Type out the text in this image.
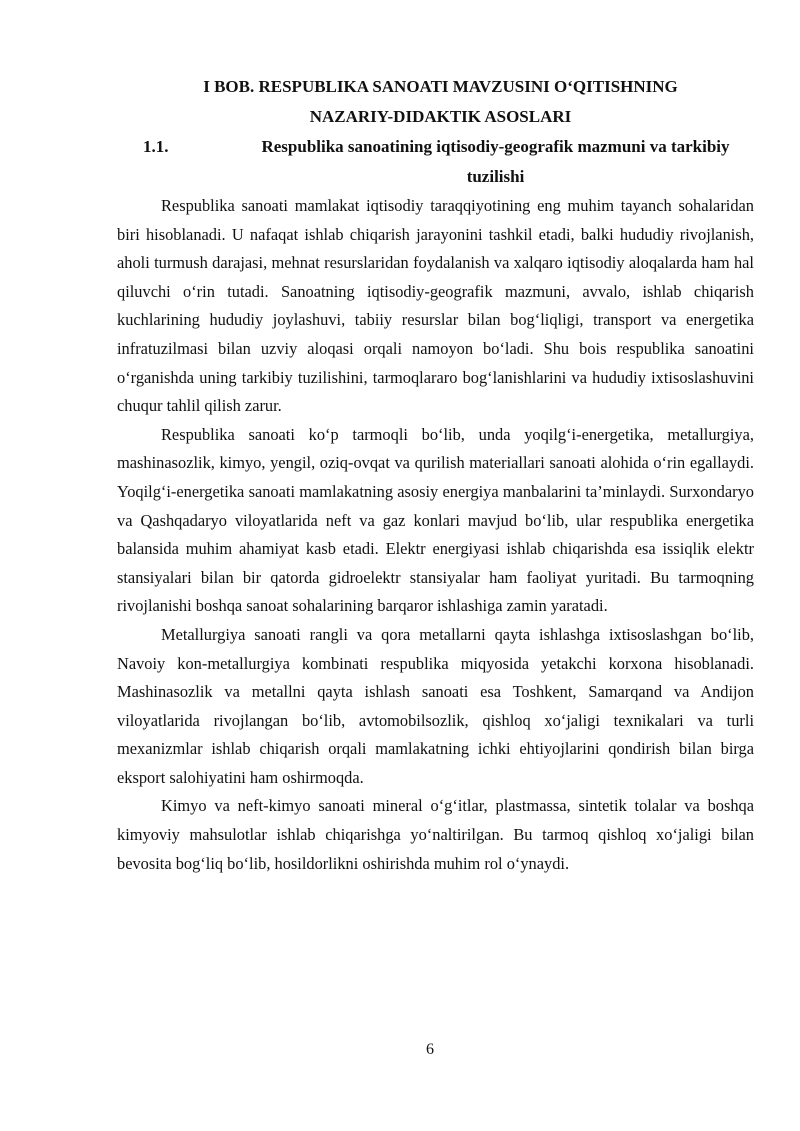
I BOB. RESPUBLIKA SANOATI MAVZUSINI O‘QITISHNING

NAZARIY-DIDAKTIK ASOSLARI

1.1.	Respublika sanoatining iqtisodiy-geografik mazmuni va tarkibiy tuzilishi

Respublika sanoati mamlakat iqtisodiy taraqqiyotining eng muhim tayanch sohalaridan biri hisoblanadi. U nafaqat ishlab chiqarish jarayonini tashkil etadi, balki hududiy rivojlanish, aholi turmush darajasi, mehnat resurslaridan foydalanish va xalqaro iqtisodiy aloqalarda ham hal qiluvchi o‘rin tutadi. Sanoatning iqtisodiy-geografik mazmuni, avvalo, ishlab chiqarish kuchlarining hududiy joylashuvi, tabiiy resurslar bilan bog‘liqligi, transport va energetika infratuzilmasi bilan uzviy aloqasi orqali namoyon bo‘ladi. Shu bois respublika sanoatini o‘rganishda uning tarkibiy tuzilishini, tarmoqlararo bog‘lanishlarini va hududiy ixtisoslashuvini chuqur tahlil qilish zarur.

Respublika sanoati ko‘p tarmoqli bo‘lib, unda yoqilg‘i-energetika, metallurgiya, mashinasozlik, kimyo, yengil, oziq-ovqat va qurilish materiallari sanoati alohida o‘rin egallaydi. Yoqilg‘i-energetika sanoati mamlakatning asosiy energiya manbalarini ta’minlaydi. Surxondaryo va Qashqadaryo viloyatlarida neft va gaz konlari mavjud bo‘lib, ular respublika energetika balansida muhim ahamiyat kasb etadi. Elektr energiyasi ishlab chiqarishda esa issiqlik elektr stansiyalari bilan bir qatorda gidroelektr stansiyalar ham faoliyat yuritadi. Bu tarmoqning rivojlanishi boshqa sanoat sohalarining barqaror ishlashiga zamin yaratadi.

Metallurgiya sanoati rangli va qora metallarni qayta ishlashga ixtisoslashgan bo‘lib, Navoiy kon-metallurgiya kombinati respublika miqyosida yetakchi korxona hisoblanadi. Mashinasozlik va metallni qayta ishlash sanoati esa Toshkent, Samarqand va Andijon viloyatlarida rivojlangan bo‘lib, avtomobilsozlik, qishloq xo‘jaligi texnikalari va turli mexanizmlar ishlab chiqarish orqali mamlakatning ichki ehtiyojlarini qondirish bilan birga eksport salohiyatini ham oshirmoqda.

Kimyo va neft-kimyo sanoati mineral o‘g‘itlar, plastmassa, sintetik tolalar va boshqa kimyoviy mahsulotlar ishlab chiqarishga yo‘naltirilgan. Bu tarmoq qishloq xo‘jaligi bilan bevosita bog‘liq bo‘lib, hosildorlikni oshirishda muhim rol o‘ynaydi.

6
